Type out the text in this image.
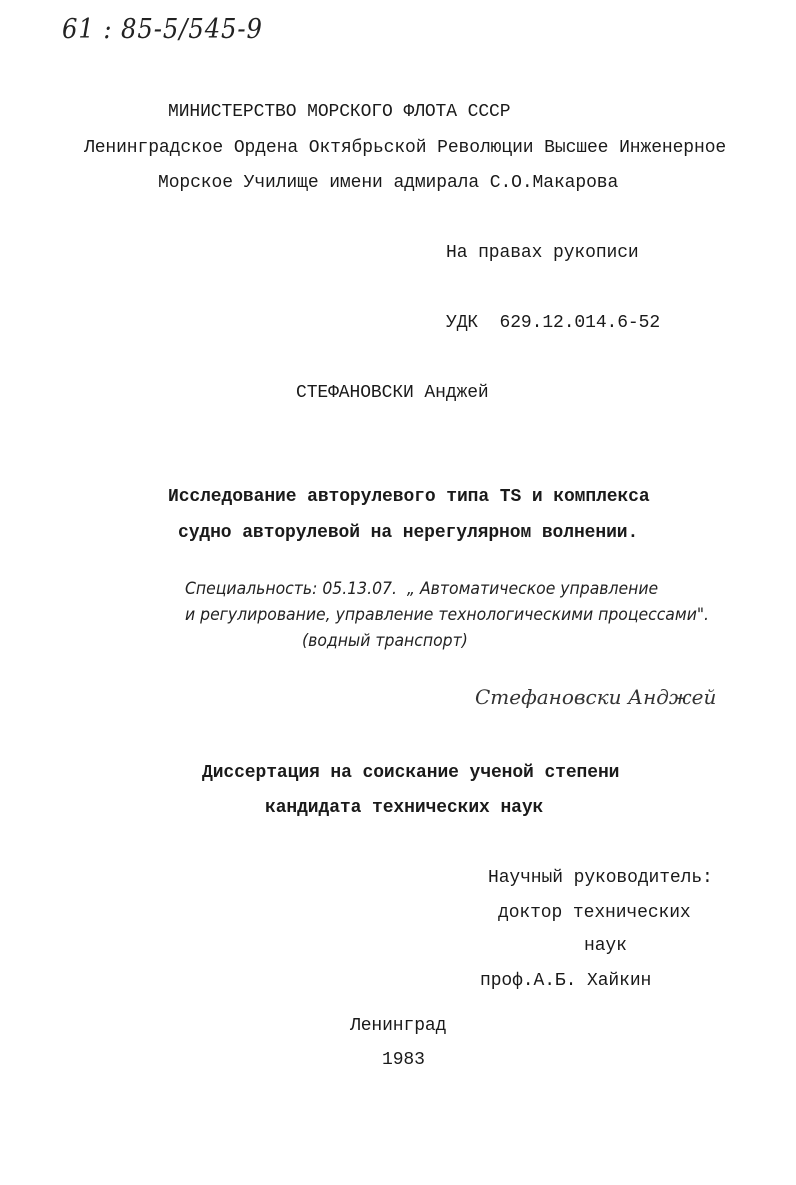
61 : 85-5/545-9
МИНИСТЕРСТВО МОРСКОГО ФЛОТА СССР
Ленинградское Ордена Октябрьской Революции Высшее Инженерное
Морское Училище имени адмирала С.О.Макарова
На правах рукописи
УДК  629.12.014.6-52
СТЕФАНОВСКИ Анджей
Исследование авторулевого типа TS и комплекса
судно авторулевой на нерегулярном волнении.
Специальность: 05.13.07.  „ Автоматическое управление
и регулирование, управление технологическими процессами".
(водный транспорт)
Стефановски Анджей
Диссертация на соискание ученой степени
кандидата технических наук
Научный руководитель:
доктор технических
наук
проф.А.Б. Хайкин
Ленинград
1983
